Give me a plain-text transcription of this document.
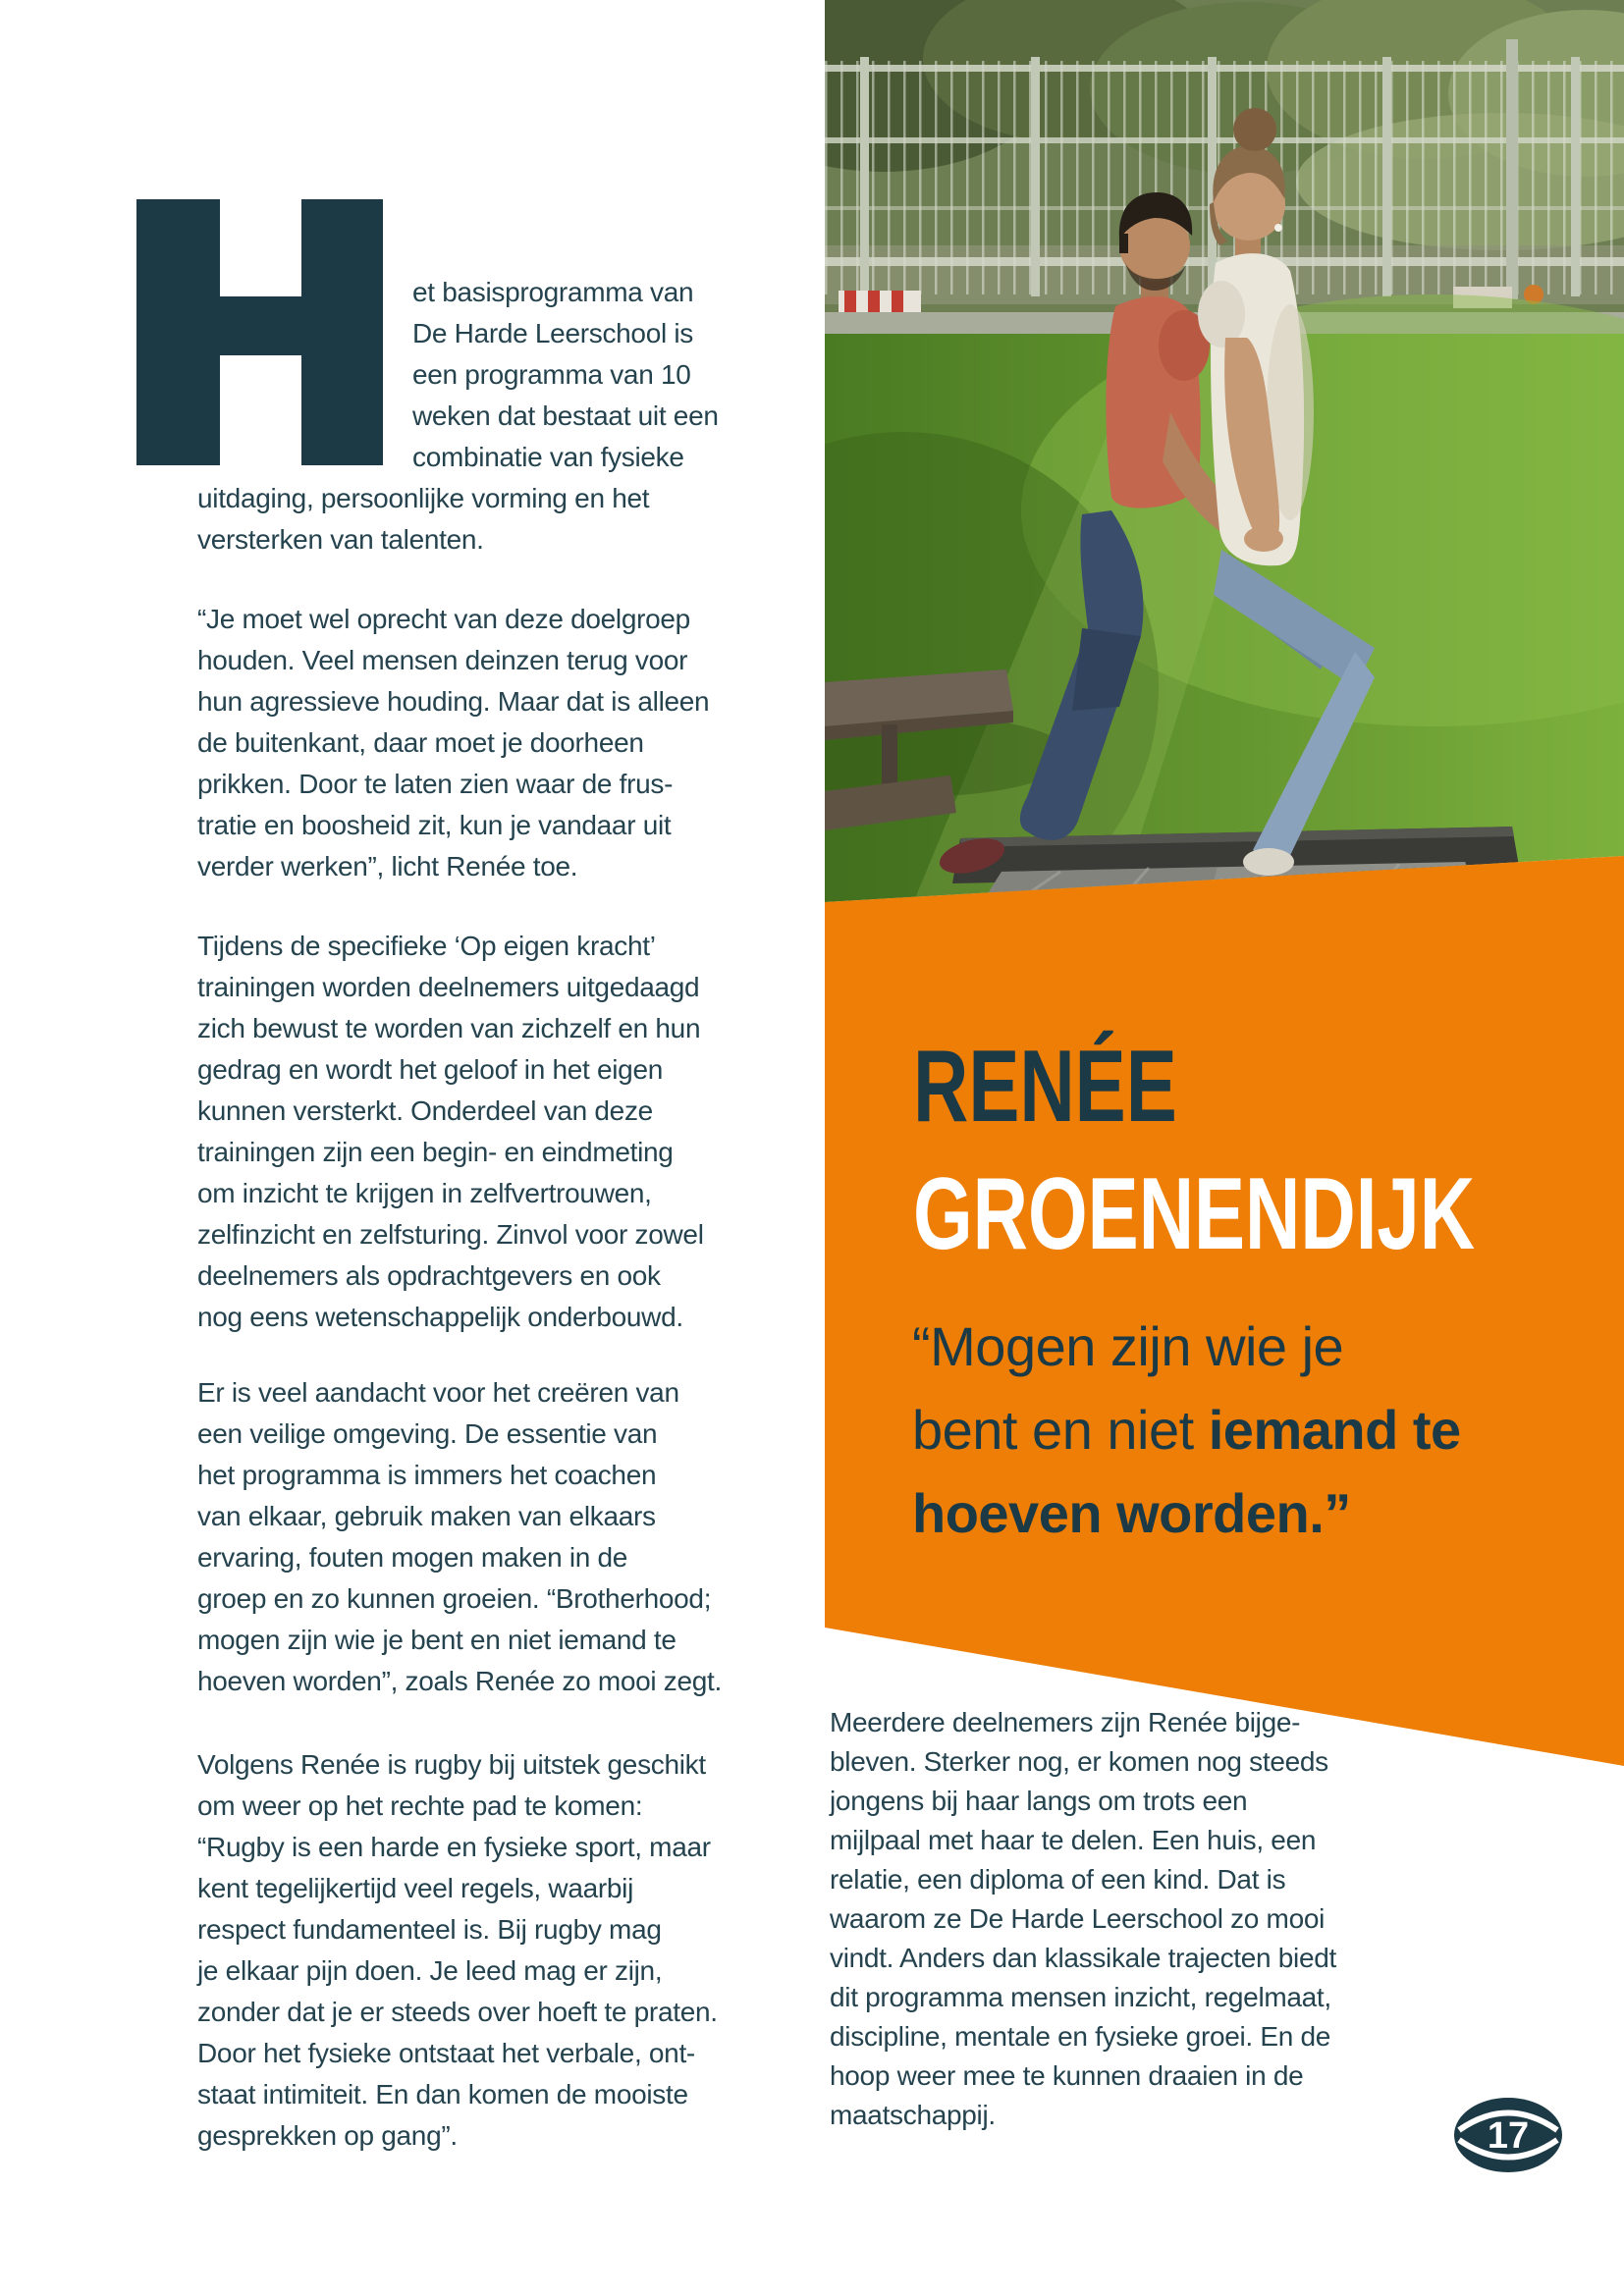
et basisprogramma van
De Harde Leerschool is
een programma van 10
weken dat bestaat uit een
combinatie van fysieke
uitdaging, persoonlijke vorming en het
versterken van talenten.
“Je moet wel oprecht van deze doelgroep
houden. Veel mensen deinzen terug voor
hun agressieve houding. Maar dat is alleen
de buitenkant, daar moet je doorheen
prikken. Door te laten zien waar de frus-
tratie en boosheid zit, kun je vandaar uit
verder werken”, licht Renée toe.
Tijdens de specifieke ‘Op eigen kracht’
trainingen worden deelnemers uitgedaagd
zich bewust te worden van zichzelf en hun
gedrag en wordt het geloof in het eigen
kunnen versterkt. Onderdeel van deze
trainingen zijn een begin- en eindmeting
om inzicht te krijgen in zelfvertrouwen,
zelfinzicht en zelfsturing. Zinvol voor zowel
deelnemers als opdrachtgevers en ook
nog eens wetenschappelijk onderbouwd.
Er is veel aandacht voor het creëren van
een veilige omgeving. De essentie van
het programma is immers het coachen
van elkaar, gebruik maken van elkaars
ervaring, fouten mogen maken in de
groep en zo kunnen groeien. “Brotherhood;
mogen zijn wie je bent en niet iemand te
hoeven worden”, zoals Renée zo mooi zegt.
Volgens Renée is rugby bij uitstek geschikt
om weer op het rechte pad te komen:
“Rugby is een harde en fysieke sport, maar
kent tegelijkertijd veel regels, waarbij
respect fundamenteel is. Bij rugby mag
je elkaar pijn doen. Je leed mag er zijn,
zonder dat je er steeds over hoeft te praten.
Door het fysieke ontstaat het verbale, ont-
staat intimiteit. En dan komen de mooiste
gesprekken op gang”.
RENÉE
GROENENDIJK
“Mogen zijn wie je
bent en niet iemand te
hoeven worden.”
Meerdere deelnemers zijn Renée bijge-
bleven. Sterker nog, er komen nog steeds
jongens bij haar langs om trots een
mijlpaal met haar te delen. Een huis, een
relatie, een diploma of een kind. Dat is
waarom ze De Harde Leerschool zo mooi
vindt. Anders dan klassikale trajecten biedt
dit programma mensen inzicht, regelmaat,
discipline, mentale en fysieke groei. En de
hoop weer mee te kunnen draaien in de
maatschappij.
17
